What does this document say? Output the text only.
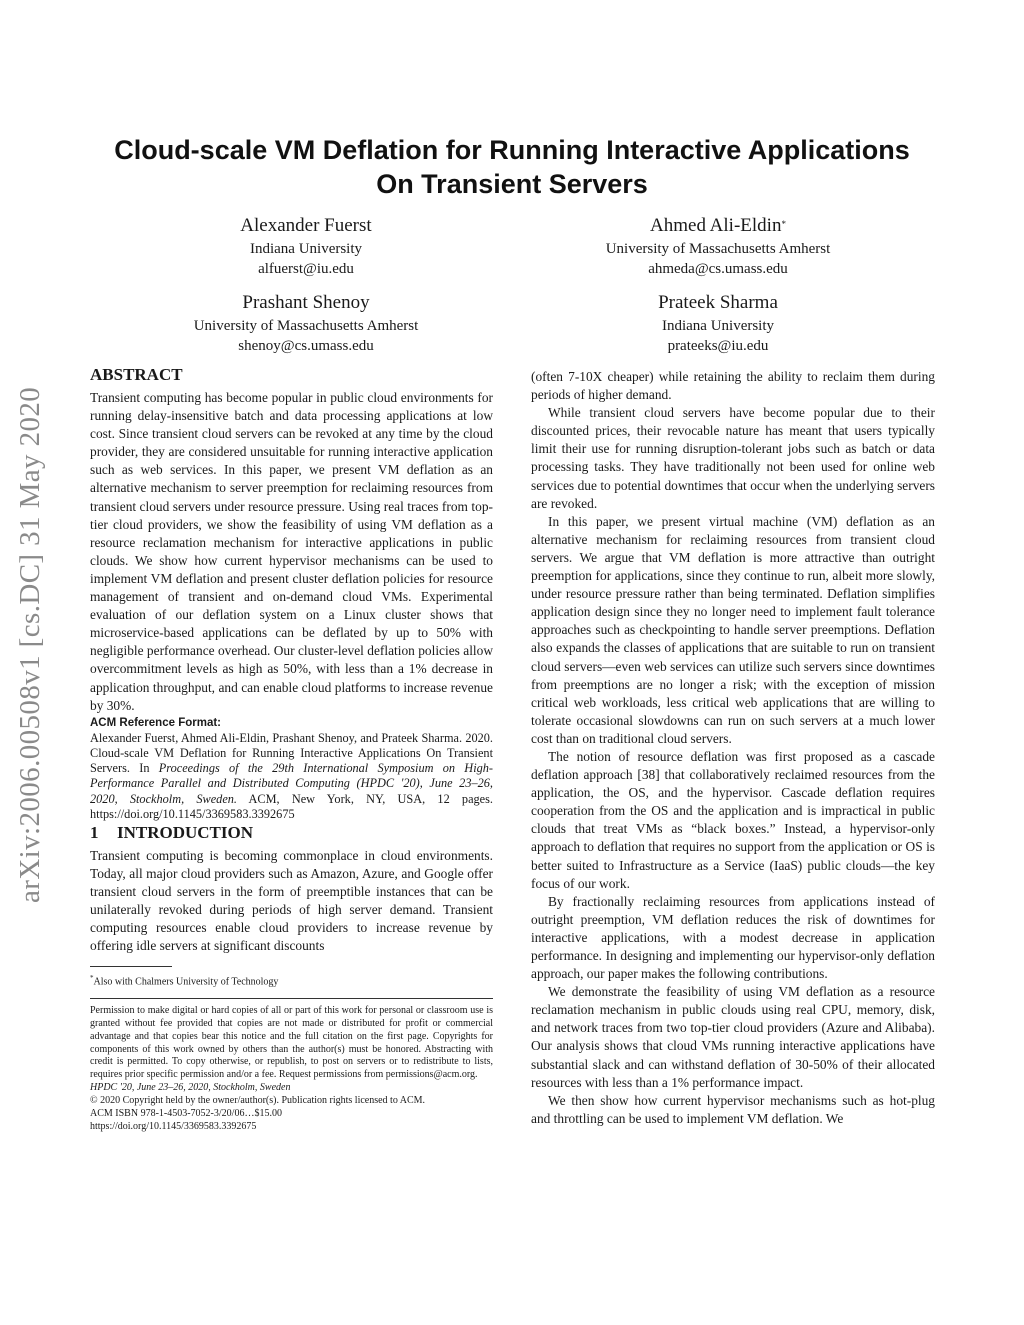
arXiv:2006.00508v1 [cs.DC] 31 May 2020
Cloud-scale VM Deflation for Running Interactive Applications
On Transient Servers
Alexander Fuerst
Indiana University
alfuerst@iu.edu
Ahmed Ali-Eldin*
University of Massachusetts Amherst
ahmeda@cs.umass.edu
Prashant Shenoy
University of Massachusetts Amherst
shenoy@cs.umass.edu
Prateek Sharma
Indiana University
prateeks@iu.edu
ABSTRACT

Transient computing has become popular in public cloud environments for running delay-insensitive batch and data processing applications at low cost. Since transient cloud servers can be revoked at any time by the cloud provider, they are considered unsuitable for running interactive application such as web services. In this paper, we present VM deflation as an alternative mechanism to server preemption for reclaiming resources from transient cloud servers under resource pressure. Using real traces from top-tier cloud providers, we show the feasibility of using VM deflation as a resource reclamation mechanism for interactive applications in public clouds. We show how current hypervisor mechanisms can be used to implement VM deflation and present cluster deflation policies for resource management of transient and on-demand cloud VMs. Experimental evaluation of our deflation system on a Linux cluster shows that microservice-based applications can be deflated by up to 50% with negligible performance overhead. Our cluster-level deflation policies allow overcommitment levels as high as 50%, with less than a 1% decrease in application throughput, and can enable cloud platforms to increase revenue by 30%.

ACM Reference Format:
Alexander Fuerst, Ahmed Ali-Eldin, Prashant Shenoy, and Prateek Sharma. 2020. Cloud-scale VM Deflation for Running Interactive Applications On Transient Servers. In Proceedings of the 29th International Symposium on High-Performance Parallel and Distributed Computing (HPDC '20), June 23–26, 2020, Stockholm, Sweden. ACM, New York, NY, USA, 12 pages. https://doi.org/10.1145/3369583.3392675
1 INTRODUCTION

Transient computing is becoming commonplace in cloud environments. Today, all major cloud providers such as Amazon, Azure, and Google offer transient cloud servers in the form of preemptible instances that can be unilaterally revoked during periods of high server demand. Transient computing resources enable cloud providers to increase revenue by offering idle servers at significant discounts

*Also with Chalmers University of Technology
Permission to make digital or hard copies of all or part of this work for personal or classroom use is granted without fee provided that copies are not made or distributed for profit or commercial advantage and that copies bear this notice and the full citation on the first page. Copyrights for components of this work owned by others than the author(s) must be honored. Abstracting with credit is permitted. To copy otherwise, or republish, to post on servers or to redistribute to lists, requires prior specific permission and/or a fee. Request permissions from permissions@acm.org.
HPDC '20, June 23–26, 2020, Stockholm, Sweden
© 2020 Copyright held by the owner/author(s). Publication rights licensed to ACM.
ACM ISBN 978-1-4503-7052-3/20/06…$15.00
https://doi.org/10.1145/3369583.3392675

(often 7-10X cheaper) while retaining the ability to reclaim them during periods of higher demand.

While transient cloud servers have become popular due to their discounted prices, their revocable nature has meant that users typically limit their use for running disruption-tolerant jobs such as batch or data processing tasks. They have traditionally not been used for online web services due to potential downtimes that occur when the underlying servers are revoked.

In this paper, we present virtual machine (VM) deflation as an alternative mechanism for reclaiming resources from transient cloud servers. We argue that VM deflation is more attractive than outright preemption for applications, since they continue to run, albeit more slowly, under resource pressure rather than being terminated. Deflation simplifies application design since they no longer need to implement fault tolerance approaches such as checkpointing to handle server preemptions. Deflation also expands the classes of applications that are suitable to run on transient cloud servers—even web services can utilize such servers since downtimes from preemptions are no longer a risk; with the exception of mission critical web workloads, less critical web applications that are willing to tolerate occasional slowdowns can run on such servers at a much lower cost than on traditional cloud servers.

The notion of resource deflation was first proposed as a cascade deflation approach [38] that collaboratively reclaimed resources from the application, the OS, and the hypervisor. Cascade deflation requires cooperation from the OS and the application and is impractical in public clouds that treat VMs as “black boxes.” Instead, a hypervisor-only approach to deflation that requires no support from the application or OS is better suited to Infrastructure as a Service (IaaS) public clouds—the key focus of our work.

By fractionally reclaiming resources from applications instead of outright preemption, VM deflation reduces the risk of downtimes for interactive applications, with a modest decrease in application performance. In designing and implementing our hypervisor-only deflation approach, our paper makes the following contributions.

We demonstrate the feasibility of using VM deflation as a resource reclamation mechanism in public clouds using real CPU, memory, disk, and network traces from two top-tier cloud providers (Azure and Alibaba). Our analysis shows that cloud VMs running interactive applications have substantial slack and can withstand deflation of 30-50% of their allocated resources with less than a 1% performance impact.

We then show how current hypervisor mechanisms such as hot-plug and throttling can be used to implement VM deflation. We
